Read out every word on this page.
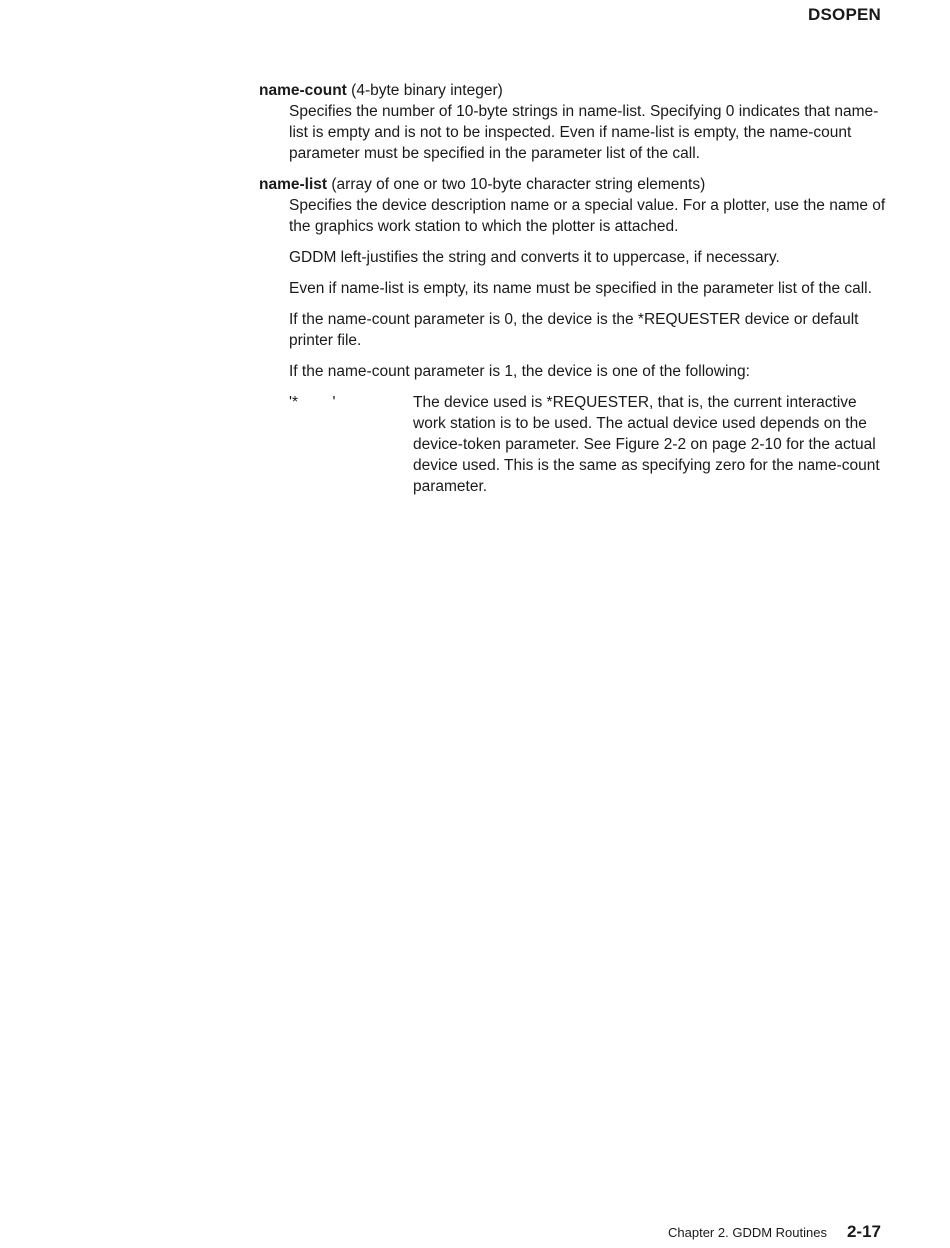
DSOPEN
name-count (4-byte binary integer)

Specifies the number of 10-byte strings in name-list. Specifying 0 indicates that name-list is empty and is not to be inspected. Even if name-list is empty, the name-count parameter must be specified in the parameter list of the call.

name-list (array of one or two 10-byte character string elements)

Specifies the device description name or a special value. For a plotter, use the name of the graphics work station to which the plotter is attached.

GDDM left-justifies the string and converts it to uppercase, if necessary.

Even if name-list is empty, its name must be specified in the parameter list of the call.

If the name-count parameter is 0, the device is the *REQUESTER device or default printer file.

If the name-count parameter is 1, the device is one of the following:

'*        '	The device used is *REQUESTER, that is, the current interactive work station is to be used. The actual device used depends on the device-token parameter. See Figure 2-2 on page 2-10 for the actual device used. This is the same as specifying zero for the name-count parameter.
Chapter 2. GDDM Routines 2-17
